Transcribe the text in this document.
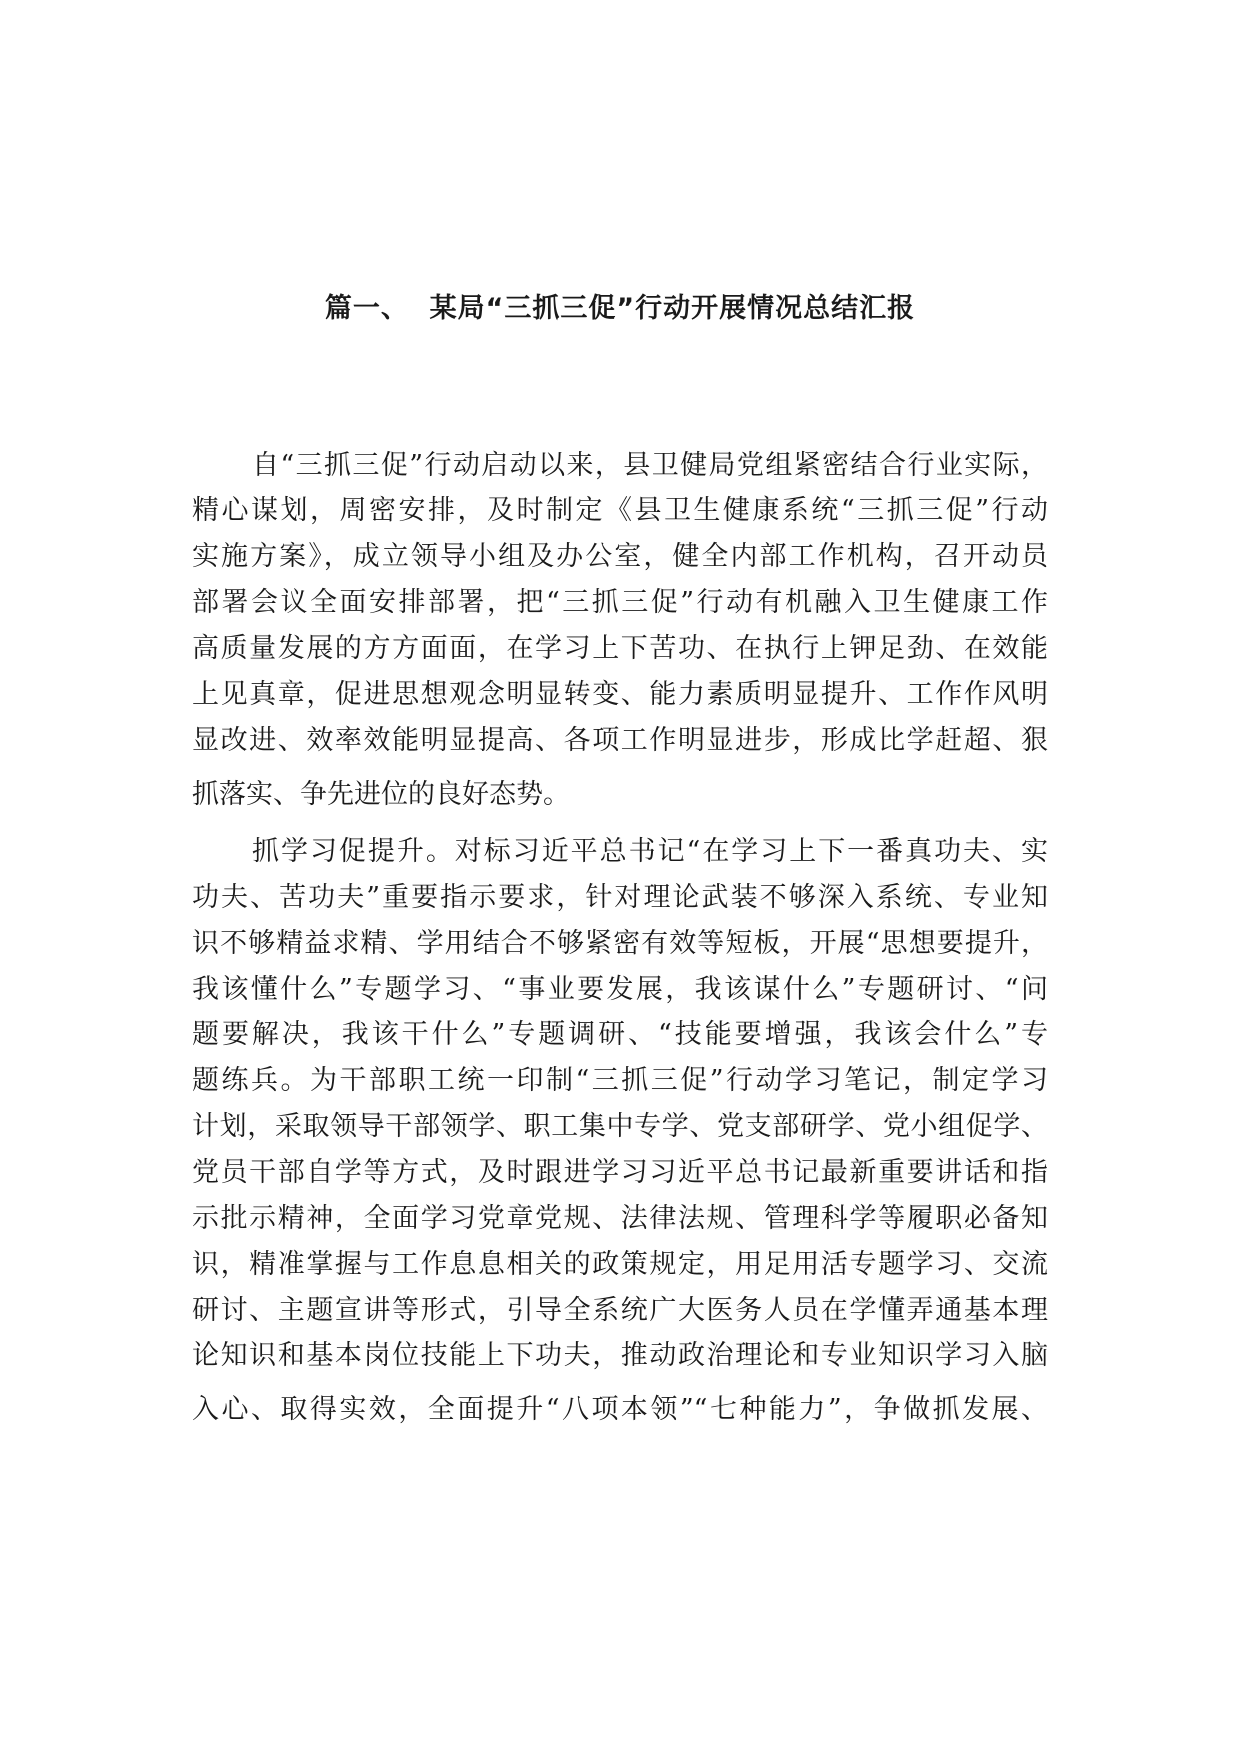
篇一、  某局“三抓三促”行动开展情况总结汇报
自“三抓三促”行动启动以来，县卫健局党组紧密结合行业实际，
精心谋划，周密安排，及时制定《县卫生健康系统“三抓三促”行动
实施方案》，成立领导小组及办公室，健全内部工作机构，召开动员
部署会议全面安排部署，把“三抓三促”行动有机融入卫生健康工作
高质量发展的方方面面，在学习上下苦功、在执行上钾足劲、在效能
上见真章，促进思想观念明显转变、能力素质明显提升、工作作风明
显改进、效率效能明显提高、各项工作明显进步，形成比学赶超、狠
抓落实、争先进位的良好态势。
抓学习促提升。对标习近平总书记“在学习上下一番真功夫、实
功夫、苦功夫”重要指示要求，针对理论武装不够深入系统、专业知
识不够精益求精、学用结合不够紧密有效等短板，开展“思想要提升，
我该懂什么”专题学习、“事业要发展，我该谋什么”专题研讨、“问
题要解决，我该干什么”专题调研、“技能要增强，我该会什么”专
题练兵。为干部职工统一印制“三抓三促”行动学习笔记，制定学习
计划，采取领导干部领学、职工集中专学、党支部研学、党小组促学、
党员干部自学等方式，及时跟进学习习近平总书记最新重要讲话和指
示批示精神，全面学习党章党规、法律法规、管理科学等履职必备知
识，精准掌握与工作息息相关的政策规定，用足用活专题学习、交流
研讨、主题宣讲等形式，引导全系统广大医务人员在学懂弄通基本理
论知识和基本岗位技能上下功夫，推动政治理论和专业知识学习入脑
入心、取得实效，全面提升“八项本领”“七种能力”，争做抓发展、
